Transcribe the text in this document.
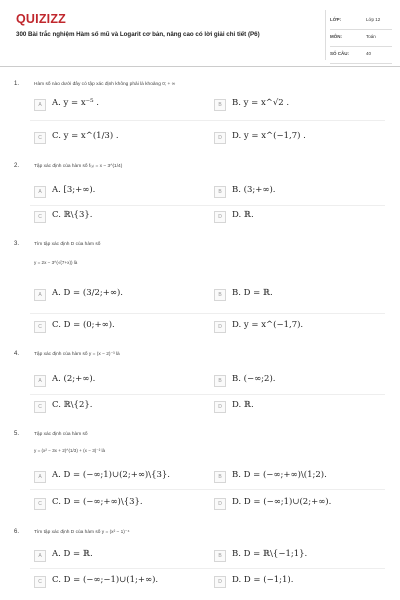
QUIZIZZ
300 Bài trắc nghiệm Hàm số mũ và Logarit cơ bản, nâng cao có lời giải chi tiết (P6)
LỚP:	Lớp 12
MÔN:	Toán
SỐ CÂU:	40
1.	Hàm số nào dưới đây có tập xác định không phải là khoảng 0; + ∞
A	A. y = x⁻⁵ .	B	B. y = x^√2 .
C	C. y = x^(1/3) .	D	D. y = x^(−1,7) .
2.	Tập xác định của hàm số f₍ₓ₎ = x − 3^(1/4)
A	A. [3;+∞).	B	B. (3;+∞).
C	C. ℝ\{3}.	D	D. ℝ.
3.	Tìm tập xác định D của hàm số
y = 2x − 3^(√(7+x)) là
A	A. D = (3/2;+∞).	B	B. D = ℝ.
C	C. D = (0;+∞).	D	D. y = x^(−1,7).
4.	Tập xác định của hàm số y = (x − 2)⁻³ là
A	A. (2;+∞).	B	B. (−∞;2).
C	C. ℝ\{2}.	D	D. ℝ.
5.	Tập xác định của hàm số
y = (x² − 3x + 2)^(1/3) + (x − 3)⁻² là
A	A. D = (−∞;1)∪(2;+∞)\{3}.	B	B. D = (−∞;+∞)\(1;2).
C	C. D = (−∞;+∞)\{3}.	D	D. D = (−∞;1)∪(2;+∞).
6.	Tìm tập xác định D của hàm số y = (x² − 1)⁻⁴
A	A. D = ℝ.	B	B. D = ℝ\{−1;1}.
C	C. D = (−∞;−1)∪(1;+∞).	D	D. D = (−1;1).
